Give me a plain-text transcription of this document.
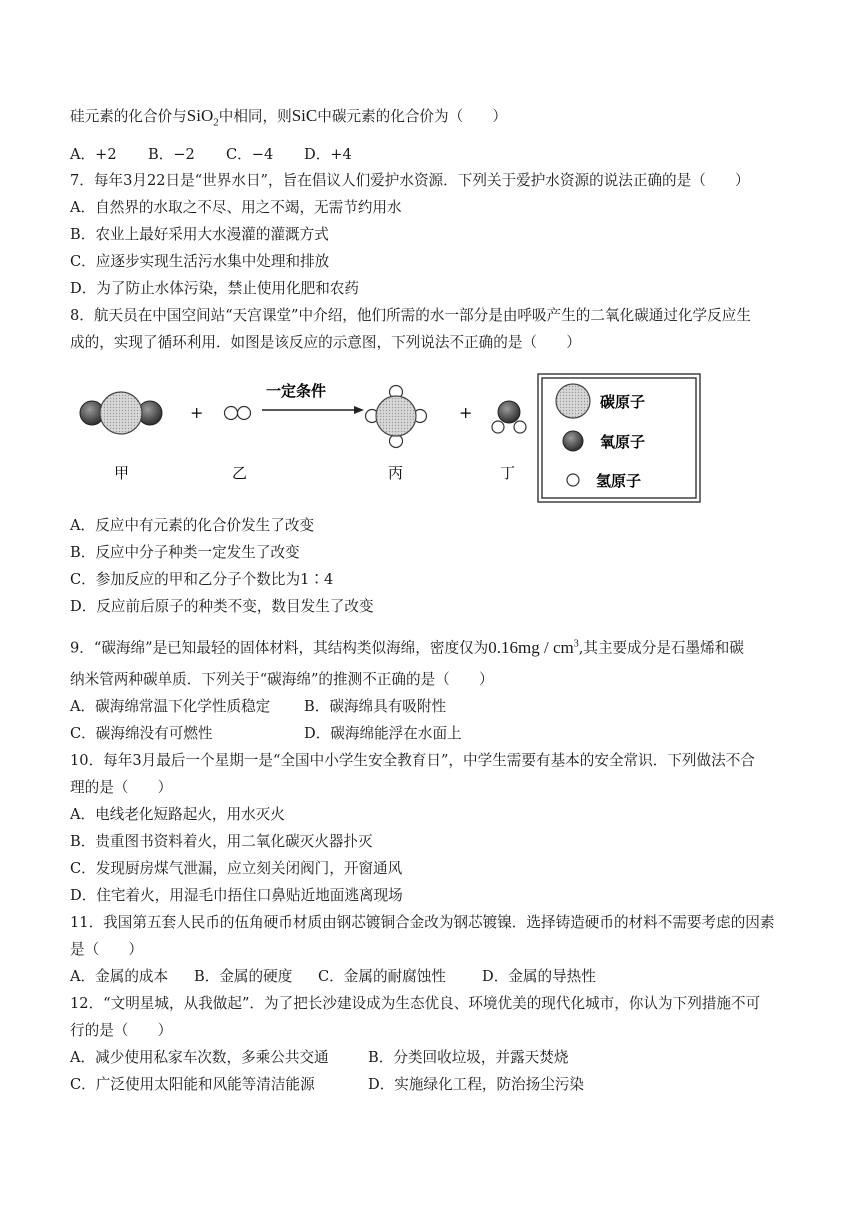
硅元素的化合价与SiO$_2$中相同，则SiC中碳元素的化合价为（　　）
A．+2 B．−2 C．−4 D．+4
7．每年3月22日是“世界水日”，旨在倡议人们爱护水资源．下列关于爱护水资源的说法正确的是（　　）
A．自然界的水取之不尽、用之不竭，无需节约用水
B．农业上最好采用大水漫灌的灌溉方式
C．应逐步实现生活污水集中处理和排放
D．为了防止水体污染，禁止使用化肥和农药
8．航天员在中国空间站“天宫课堂”中介绍，他们所需的水一部分是由呼吸产生的二氧化碳通过化学反应生
成的，实现了循环利用．如图是该反应的示意图，下列说法不正确的是（　　）
+
一定条件
+
甲	乙	丙	丁
碳原子
氧原子
氢原子
A．反应中有元素的化合价发生了改变
B．反应中分子种类一定发生了改变
C．参加反应的甲和乙分子个数比为1∶4
D．反应前后原子的种类不变，数目发生了改变
9．“碳海绵”是已知最轻的固体材料，其结构类似海绵，密度仅为$0.16mg / cm^3$,其主要成分是石墨烯和碳
纳米管两种碳单质．下列关于“碳海绵”的推测不正确的是（　　）
A．碳海绵常温下化学性质稳定 B．碳海绵具有吸附性
C．碳海绵没有可燃性	D．碳海绵能浮在水面上
10．每年3月最后一个星期一是“全国中小学生安全教育日”，中学生需要有基本的安全常识．下列做法不合
理的是（　　）
A．电线老化短路起火，用水灭火
B．贵重图书资料着火，用二氧化碳灭火器扑灭
C．发现厨房煤气泄漏，应立刻关闭阀门，开窗通风
D．住宅着火，用湿毛巾捂住口鼻贴近地面逃离现场
11．我国第五套人民币的伍角硬币材质由钢芯镀铜合金改为钢芯镀镍．选择铸造硬币的材料不需要考虑的因素
是（　　）
A．金属的成本 B．金属的硬度 C．金属的耐腐蚀性 D．金属的导热性
12．“文明星城，从我做起”．为了把长沙建设成为生态优良、环境优美的现代化城市，你认为下列措施不可
行的是（　　）
A．减少使用私家车次数，多乘公共交通	B．分类回收垃圾，并露天焚烧
C．广泛使用太阳能和风能等清洁能源	D．实施绿化工程，防治扬尘污染
